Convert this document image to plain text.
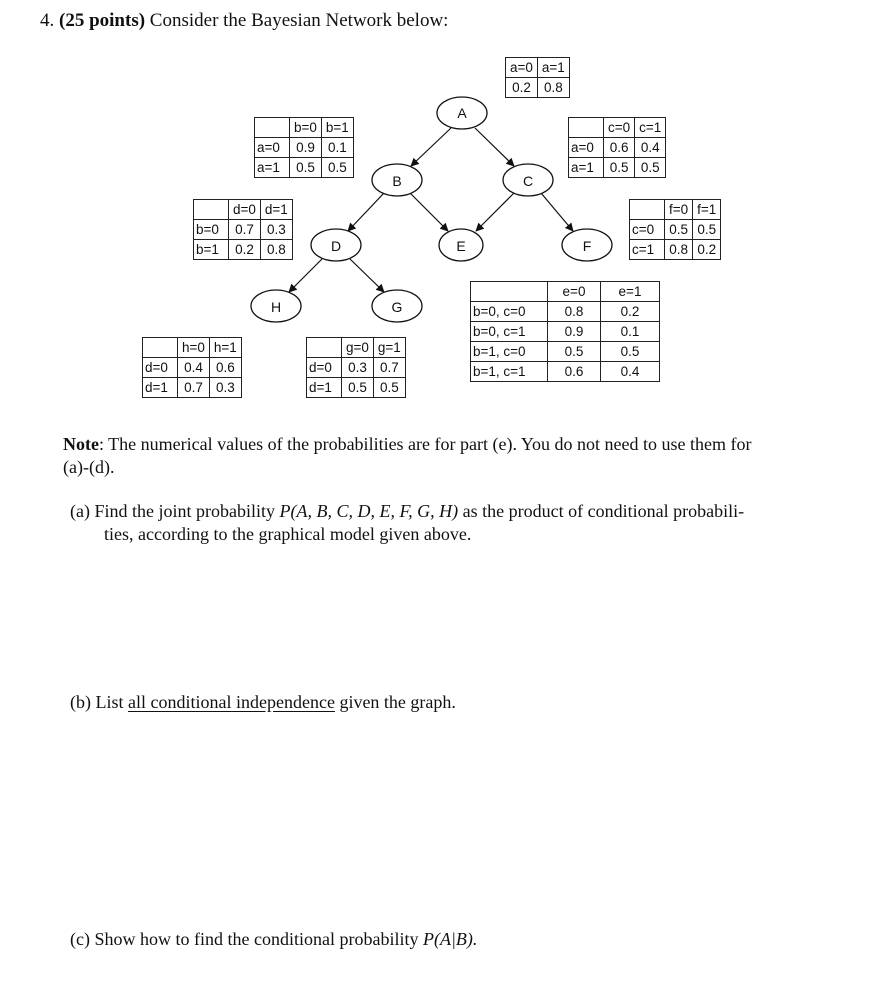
4. (25 points) Consider the Bayesian Network below:
A
B	C
D	E	F
H	G
a=0	a=1
0.2	0.8
	b=0	b=1
a=0	0.9	0.1
a=1	0.5	0.5
	c=0	c=1
a=0	0.6	0.4
a=1	0.5	0.5
	d=0	d=1
b=0	0.7	0.3
b=1	0.2	0.8
	f=0	f=1
c=0	0.5	0.5
c=1	0.8	0.2
	e=0	e=1
b=0, c=0	0.8	0.2
b=0, c=1	0.9	0.1
b=1, c=0	0.5	0.5
b=1, c=1	0.6	0.4
	h=0	h=1
d=0	0.4	0.6
d=1	0.7	0.3
	g=0	g=1
d=0	0.3	0.7
d=1	0.5	0.5
Note: The numerical values of the probabilities are for part (e). You do not need to use them for
(a)-(d).
(a) Find the joint probability P(A, B, C, D, E, F, G, H) as the product of conditional probabili-
ties, according to the graphical model given above.
(b) List all conditional independence given the graph.
(c) Show how to find the conditional probability P(A|B).
